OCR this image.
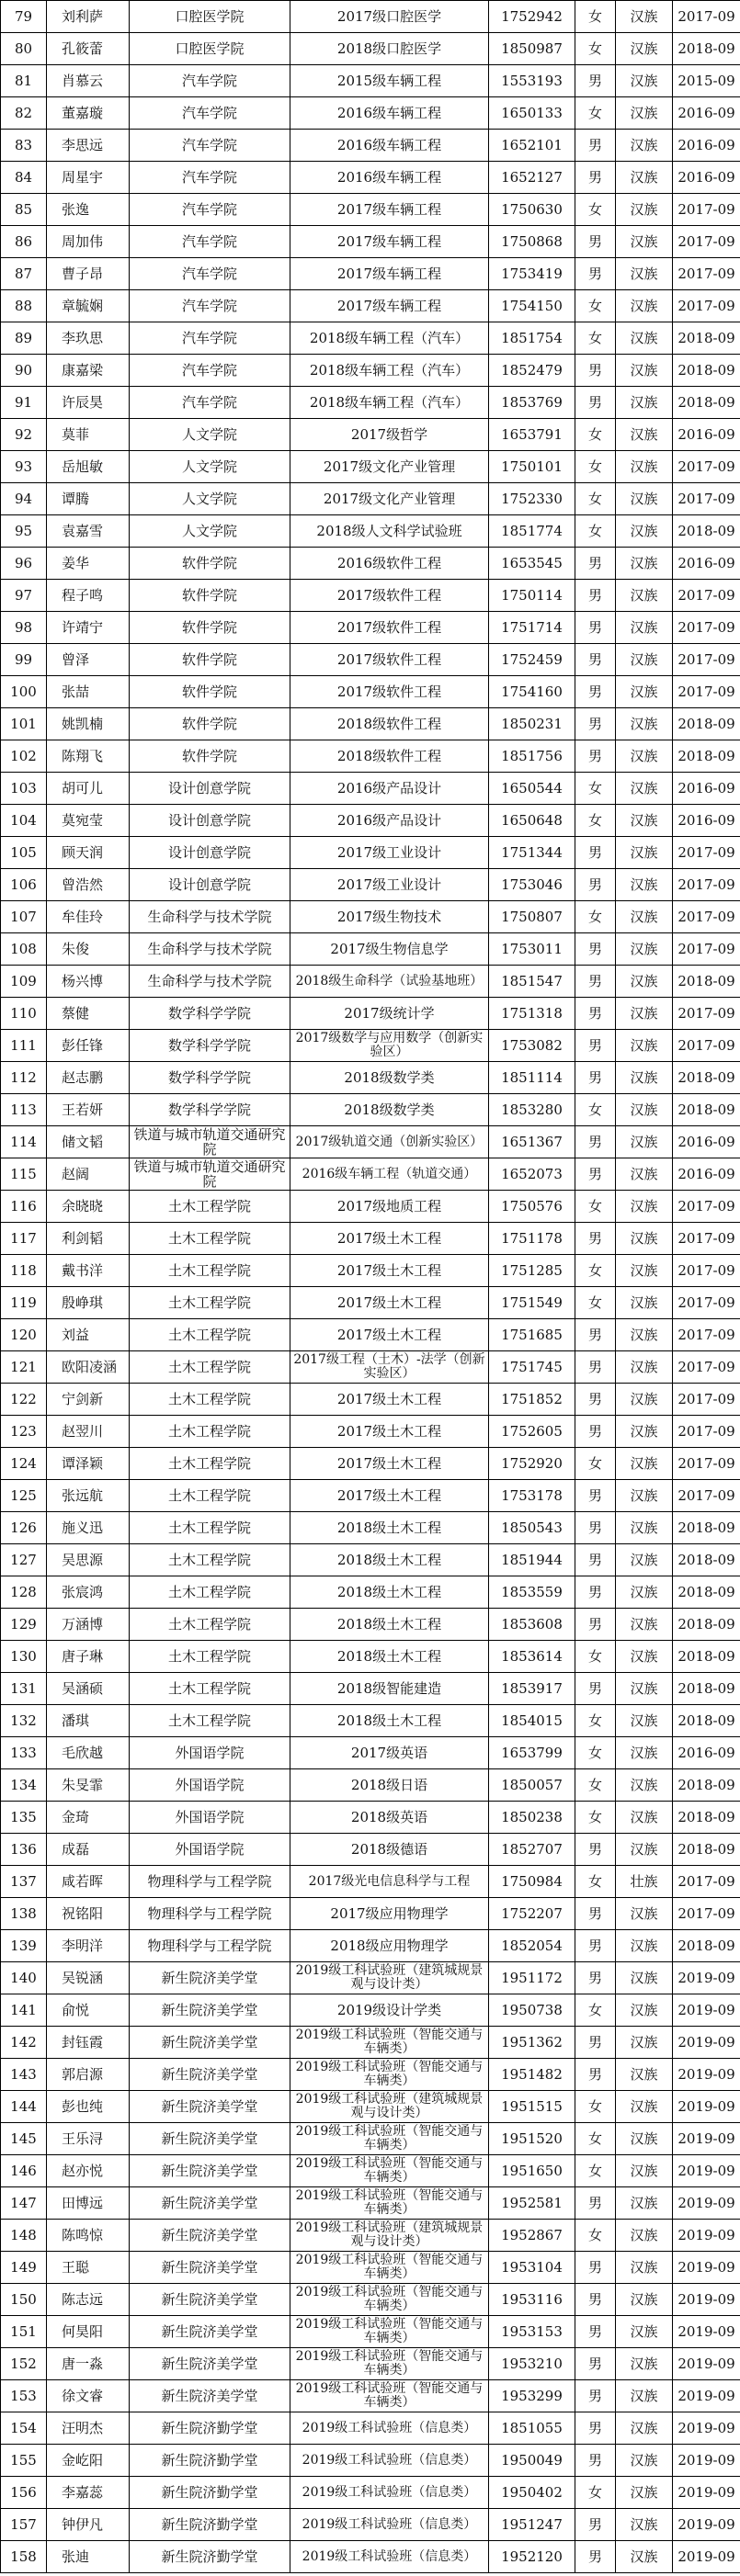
79	刘利萨	口腔医学院	2017级口腔医学	1752942	女	汉族	2017-09
80	孔筱蕾	口腔医学院	2018级口腔医学	1850987	女	汉族	2018-09
81	肖慕云	汽车学院	2015级车辆工程	1553193	男	汉族	2015-09
82	董嘉璇	汽车学院	2016级车辆工程	1650133	女	汉族	2016-09
83	李思远	汽车学院	2016级车辆工程	1652101	男	汉族	2016-09
84	周星宇	汽车学院	2016级车辆工程	1652127	男	汉族	2016-09
85	张逸	汽车学院	2017级车辆工程	1750630	女	汉族	2017-09
86	周加伟	汽车学院	2017级车辆工程	1750868	男	汉族	2017-09
87	曹子昂	汽车学院	2017级车辆工程	1753419	男	汉族	2017-09
88	章毓娴	汽车学院	2017级车辆工程	1754150	女	汉族	2017-09
89	李玖思	汽车学院	2018级车辆工程（汽车）	1851754	女	汉族	2018-09
90	康嘉梁	汽车学院	2018级车辆工程（汽车）	1852479	男	汉族	2018-09
91	许辰昊	汽车学院	2018级车辆工程（汽车）	1853769	男	汉族	2018-09
92	莫菲	人文学院	2017级哲学	1653791	女	汉族	2016-09
93	岳旭敏	人文学院	2017级文化产业管理	1750101	女	汉族	2017-09
94	谭腾	人文学院	2017级文化产业管理	1752330	女	汉族	2017-09
95	袁嘉雪	人文学院	2018级人文科学试验班	1851774	女	汉族	2018-09
96	姜华	软件学院	2016级软件工程	1653545	男	汉族	2016-09
97	程子鸣	软件学院	2017级软件工程	1750114	男	汉族	2017-09
98	许靖宁	软件学院	2017级软件工程	1751714	男	汉族	2017-09
99	曾泽	软件学院	2017级软件工程	1752459	男	汉族	2017-09
100	张喆	软件学院	2017级软件工程	1754160	男	汉族	2017-09
101	姚凯楠	软件学院	2018级软件工程	1850231	男	汉族	2018-09
102	陈翔飞	软件学院	2018级软件工程	1851756	男	汉族	2018-09
103	胡可儿	设计创意学院	2016级产品设计	1650544	女	汉族	2016-09
104	莫宛莹	设计创意学院	2016级产品设计	1650648	女	汉族	2016-09
105	顾天润	设计创意学院	2017级工业设计	1751344	男	汉族	2017-09
106	曾浩然	设计创意学院	2017级工业设计	1753046	男	汉族	2017-09
107	牟佳玲	生命科学与技术学院	2017级生物技术	1750807	女	汉族	2017-09
108	朱俊	生命科学与技术学院	2017级生物信息学	1753011	男	汉族	2017-09
109	杨兴博	生命科学与技术学院	2018级生命科学（试验基地班）	1851547	男	汉族	2018-09
110	蔡健	数学科学学院	2017级统计学	1751318	男	汉族	2017-09
111	彭任锋	数学科学学院	2017级数学与应用数学（创新实验区）	1753082	男	汉族	2017-09
112	赵志鹏	数学科学学院	2018级数学类	1851114	男	汉族	2018-09
113	王若妍	数学科学学院	2018级数学类	1853280	女	汉族	2018-09
114	储文韬	铁道与城市轨道交通研究院	2017级轨道交通（创新实验区）	1651367	男	汉族	2016-09
115	赵阔	铁道与城市轨道交通研究院	2016级车辆工程（轨道交通）	1652073	男	汉族	2016-09
116	余晓晓	土木工程学院	2017级地质工程	1750576	女	汉族	2017-09
117	利剑韬	土木工程学院	2017级土木工程	1751178	男	汉族	2017-09
118	戴书洋	土木工程学院	2017级土木工程	1751285	女	汉族	2017-09
119	殷峥琪	土木工程学院	2017级土木工程	1751549	女	汉族	2017-09
120	刘益	土木工程学院	2017级土木工程	1751685	男	汉族	2017-09
121	欧阳凌涵	土木工程学院	2017级工程（土木）-法学（创新实验区）	1751745	男	汉族	2017-09
122	宁剑新	土木工程学院	2017级土木工程	1751852	男	汉族	2017-09
123	赵翌川	土木工程学院	2017级土木工程	1752605	男	汉族	2017-09
124	谭泽颖	土木工程学院	2017级土木工程	1752920	女	汉族	2017-09
125	张远航	土木工程学院	2017级土木工程	1753178	男	汉族	2017-09
126	施义迅	土木工程学院	2018级土木工程	1850543	男	汉族	2018-09
127	吴思源	土木工程学院	2018级土木工程	1851944	男	汉族	2018-09
128	张宸鸿	土木工程学院	2018级土木工程	1853559	男	汉族	2018-09
129	万涵博	土木工程学院	2018级土木工程	1853608	男	汉族	2018-09
130	唐子琳	土木工程学院	2018级土木工程	1853614	女	汉族	2018-09
131	吴涵硕	土木工程学院	2018级智能建造	1853917	男	汉族	2018-09
132	潘琪	土木工程学院	2018级土木工程	1854015	女	汉族	2018-09
133	毛欣越	外国语学院	2017级英语	1653799	女	汉族	2016-09
134	朱旻霏	外国语学院	2018级日语	1850057	女	汉族	2018-09
135	金琦	外国语学院	2018级英语	1850238	女	汉族	2018-09
136	成磊	外国语学院	2018级德语	1852707	男	汉族	2018-09
137	咸若晖	物理科学与工程学院	2017级光电信息科学与工程	1750984	女	壮族	2017-09
138	祝铭阳	物理科学与工程学院	2017级应用物理学	1752207	男	汉族	2017-09
139	李明洋	物理科学与工程学院	2018级应用物理学	1852054	男	汉族	2018-09
140	吴锐涵	新生院济美学堂	2019级工科试验班（建筑城规景观与设计类）	1951172	男	汉族	2019-09
141	俞悦	新生院济美学堂	2019级设计学类	1950738	女	汉族	2019-09
142	封钰霞	新生院济美学堂	2019级工科试验班（智能交通与车辆类）	1951362	男	汉族	2019-09
143	郭启源	新生院济美学堂	2019级工科试验班（智能交通与车辆类）	1951482	男	汉族	2019-09
144	彭也纯	新生院济美学堂	2019级工科试验班（建筑城规景观与设计类）	1951515	女	汉族	2019-09
145	王乐浔	新生院济美学堂	2019级工科试验班（智能交通与车辆类）	1951520	女	汉族	2019-09
146	赵亦悦	新生院济美学堂	2019级工科试验班（智能交通与车辆类）	1951650	女	汉族	2019-09
147	田博远	新生院济美学堂	2019级工科试验班（智能交通与车辆类）	1952581	男	汉族	2019-09
148	陈鸣惊	新生院济美学堂	2019级工科试验班（建筑城规景观与设计类）	1952867	女	汉族	2019-09
149	王聪	新生院济美学堂	2019级工科试验班（智能交通与车辆类）	1953104	男	汉族	2019-09
150	陈志远	新生院济美学堂	2019级工科试验班（智能交通与车辆类）	1953116	男	汉族	2019-09
151	何昊阳	新生院济美学堂	2019级工科试验班（智能交通与车辆类）	1953153	男	汉族	2019-09
152	唐一淼	新生院济美学堂	2019级工科试验班（智能交通与车辆类）	1953210	男	汉族	2019-09
153	徐文睿	新生院济美学堂	2019级工科试验班（智能交通与车辆类）	1953299	男	汉族	2019-09
154	汪明杰	新生院济勤学堂	2019级工科试验班（信息类）	1851055	男	汉族	2019-09
155	金屹阳	新生院济勤学堂	2019级工科试验班（信息类）	1950049	男	汉族	2019-09
156	李嘉蕊	新生院济勤学堂	2019级工科试验班（信息类）	1950402	女	汉族	2019-09
157	钟伊凡	新生院济勤学堂	2019级工科试验班（信息类）	1951247	男	汉族	2019-09
158	张迪	新生院济勤学堂	2019级工科试验班（信息类）	1952120	男	汉族	2019-09
